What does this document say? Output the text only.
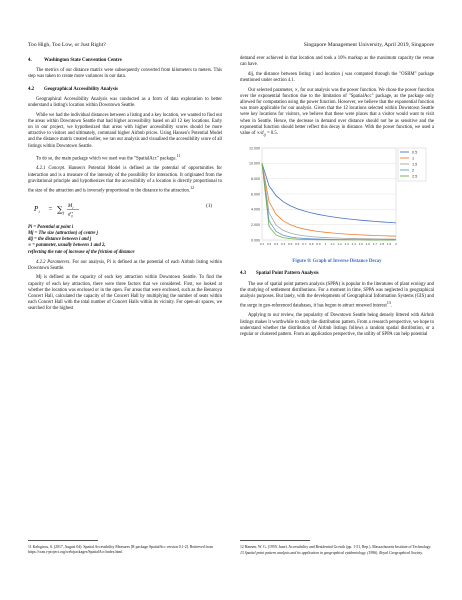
Too High, Too Low, or Just Right?	Singapore Management University, April 2019, Singapore
4.	Washington State Convention Centre

The metrics of our distance matrix were subsequently converted from kilometers to meters. This step was taken to create more variances in our data.

4.2 Geographical Accessibility Analysis

Geographical Accessibility Analysis was conducted as a form of data exploration to better understand a listing's location within Downtown Seattle.

While we had the individual distances between a listing and a key location, we wanted to find out the areas within Downtown Seattle that had higher accessibility based on all 12 key locations. Early on in our project, we hypothesized that areas with higher accessibility scores should be more attractive to visitors and ultimately, command higher Airbnb prices. Using Hansen's Potential Model and the distance matrix created earlier, we ran our analysis and visualised the accessibility score of all listings within Downtown Seattle.

To do so, the main package which we used was the "SpatialAcc" package.$^{11}$

4.2.1 Concept. Hansen's Potential Model is defined as the potential of opportunities for interaction and is a measure of the intensity of the possibility for interaction. It originated from the gravitational principle and hypothesizes that the accessibility of a location is directly proportional to the size of the attraction and is inversely proportional to the distance to the attraction.$^{12}$

P i = ∑ j
M j
d ∝
ij
(1)
Pi = Potential at point i
Mj = The size (attraction) of centre j
dij = the distance between i and j
∝ = parameter, usually between 1 and 2,
reflecting the rate of increase of the friction of distance

4.2.2 Parameters. For our analysis, Pi is defined as the potential of each Airbnb listing within Downtown Seattle.

Mj is defined as the capacity of each key attraction within Downtown Seattle. To find the capacity of each key attraction, there were three factors that we considered. First, we looked at whether the location was enclosed or in the open. For areas that were enclosed, such as the Benaroya Concert Hall, calculated the capacity of the Concert Hall by multiplying the number of seats within each Concert Hall with the total number of Concert Halls within its vicinity. For open-air spaces, we searched for the highest

demand ever achieved in that location and took a 10% markup as the maximum capacity the venue can have.

dij, the distance between listing i and location j was computed through the "OSRM" package mentioned under section 4.1.

Our selected parameter, ∝, for our analysis was the power function. We chose the power function over the exponential function due to the limitation of "SpatialAcc" package, as the package only allowed for computation using the power function. However, we believe that the exponential function was more applicable for our analysis. Given that the 12 locations selected within Downtown Seattle were key locations for visitors, we believe that these were places that a visitor would want to visit when in Seattle. Hence, the decrease in demand over distance should not be as sensitive and the exponential function should better reflect this decay in distance. With the power function, we used a value of $\propto/d_{ij} = 0.5$.

0.000
2.000
4.000
6.000
8.000
10.000
12.000
0.1 0.2 0.3 0.4 0.5 0.6 0.7 0.8 0.9 1 1.1 1.2 1.3 1.4 1.5 1.6 1.7 1.8 1.9 2
0.5
1
1.5
2
2.5
Figure 8: Graph of Inverse Distance Decay
4.3 Spatial Point Pattern Analysis

The use of spatial point pattern analysis (SPPA) is popular in the literatures of plant ecology and the studying of settlement distributions. For a moment in time, SPPA was neglected in geographical analysis purposes. But lately, with the developments of Geographical Information Systems (GIS) and the surge in geo-referenced databases, it has begun to attract renewed interest$^{13}$.

Applying to our review, the popularity of Downtown Seattle being densely littered with Airbnb listings makes it worthwhile to study the distribution pattern. From a research perspective, we hope to understand whether the distribution of Airbnb listings follows a random spatial distribution, or a regular or clustered pattern. From an application perspective, the utility of SPPA can help potential

11 Kalogirou, S. (2017, August 04). Spatial Accessibility Measures [R package SpatialAcc version 0.1-2]. Retrieved from https://cran.r-project.org/web/packages/SpatialAcc/index.html
12 Hansen, W. G. (1959, June). Accessibility and Residential Growth (pp. 1-51, Rep.). Massachusetts Institute of Technology.
13 Spatial point pattern analysis and its application in geographical epidemiology. (1996). Royal Geographical Society.
